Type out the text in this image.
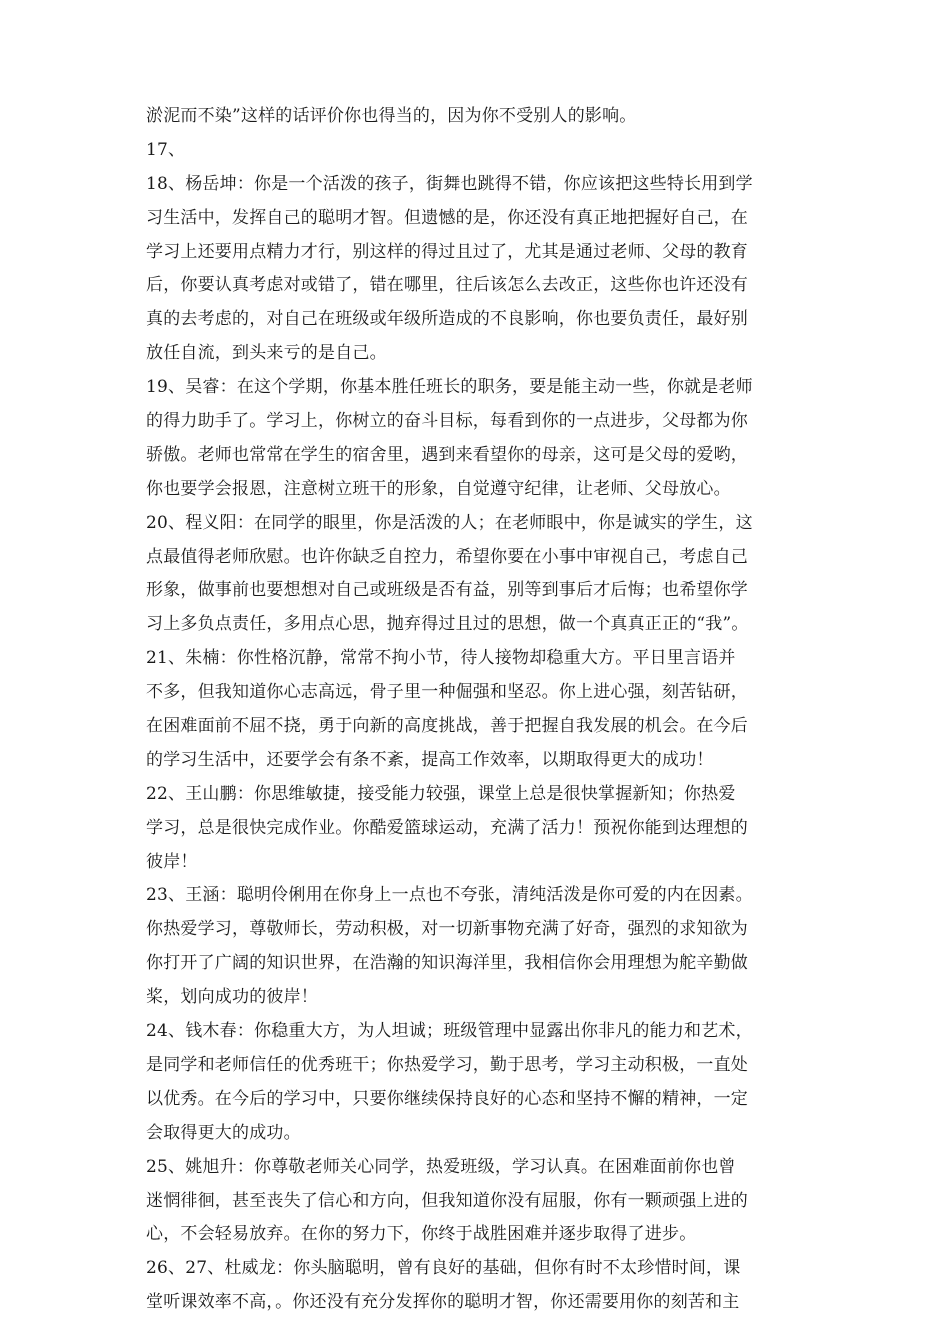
淤泥而不染”这样的话评价你也得当的，因为你不受别人的影响。
17、
18、杨岳坤：你是一个活泼的孩子，街舞也跳得不错，你应该把这些特长用到学
习生活中，发挥自己的聪明才智。但遗憾的是，你还没有真正地把握好自己，在
学习上还要用点精力才行，别这样的得过且过了，尤其是通过老师、父母的教育
后，你要认真考虑对或错了，错在哪里，往后该怎么去改正，这些你也许还没有
真的去考虑的，对自己在班级或年级所造成的不良影响，你也要负责任，最好别
放任自流，到头来亏的是自己。
19、吴睿：在这个学期，你基本胜任班长的职务，要是能主动一些，你就是老师
的得力助手了。学习上，你树立的奋斗目标，每看到你的一点进步，父母都为你
骄傲。老师也常常在学生的宿舍里，遇到来看望你的母亲，这可是父母的爱哟，
你也要学会报恩，注意树立班干的形象，自觉遵守纪律，让老师、父母放心。
20、程义阳：在同学的眼里，你是活泼的人；在老师眼中，你是诚实的学生，这
点最值得老师欣慰。也许你缺乏自控力，希望你要在小事中审视自己，考虑自己
形象，做事前也要想想对自己或班级是否有益，别等到事后才后悔；也希望你学
习上多负点责任，多用点心思，抛弃得过且过的思想，做一个真真正正的“我”。
21、朱楠：你性格沉静，常常不拘小节，待人接物却稳重大方。平日里言语并
不多，但我知道你心志高远，骨子里一种倔强和坚忍。你上进心强，刻苦钻研，
在困难面前不屈不挠，勇于向新的高度挑战，善于把握自我发展的机会。在今后
的学习生活中，还要学会有条不紊，提高工作效率，以期取得更大的成功！
22、王山鹏：你思维敏捷，接受能力较强，课堂上总是很快掌握新知；你热爱
学习，总是很快完成作业。你酷爱篮球运动，充满了活力！预祝你能到达理想的
彼岸！
23、王涵：聪明伶俐用在你身上一点也不夸张，清纯活泼是你可爱的内在因素。
你热爱学习，尊敬师长，劳动积极，对一切新事物充满了好奇，强烈的求知欲为
你打开了广阔的知识世界，在浩瀚的知识海洋里，我相信你会用理想为舵辛勤做
桨，划向成功的彼岸！
24、钱木春：你稳重大方，为人坦诚；班级管理中显露出你非凡的能力和艺术，
是同学和老师信任的优秀班干；你热爱学习，勤于思考，学习主动积极，一直处
以优秀。在今后的学习中，只要你继续保持良好的心态和坚持不懈的精神，一定
会取得更大的成功。
25、姚旭升：你尊敬老师关心同学，热爱班级，学习认真。在困难面前你也曾
迷惘徘徊，甚至丧失了信心和方向，但我知道你没有屈服，你有一颗顽强上进的
心，不会轻易放弃。在你的努力下，你终于战胜困难并逐步取得了进步。
26、27、杜威龙：你头脑聪明，曾有良好的基础，但你有时不太珍惜时间，课
堂听课效率不高，。你还没有充分发挥你的聪明才智，你还需要用你的刻苦和主
